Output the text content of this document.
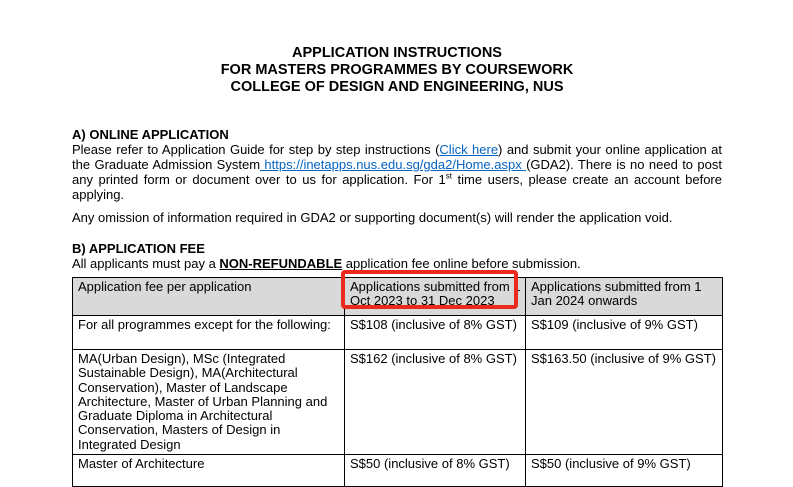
APPLICATION INSTRUCTIONS
FOR MASTERS PROGRAMMES BY COURSEWORK
COLLEGE OF DESIGN AND ENGINEERING, NUS
A) ONLINE APPLICATION

Please refer to Application Guide for step by step instructions (Click here) and submit your online application at the Graduate Admission System https://inetapps.nus.edu.sg/gda2/Home.aspx (GDA2). There is no need to post any printed form or document over to us for application. For 1st time users, please create an account before applying.

Any omission of information required in GDA2 or supporting document(s) will render the application void.

B) APPLICATION FEE

All applicants must pay a NON-REFUNDABLE application fee online before submission.

Application fee per application	Applications submitted from 1 Oct 2023 to 31 Dec 2023	Applications submitted from 1 Jan 2024 onwards
For all programmes except for the following:	S$108 (inclusive of 8% GST)	S$109 (inclusive of 9% GST)
MA(Urban Design), MSc (Integrated Sustainable Design), MA(Architectural Conservation), Master of Landscape Architecture, Master of Urban Planning and Graduate Diploma in Architectural Conservation, Masters of Design in Integrated Design	S$162 (inclusive of 8% GST)	S$163.50 (inclusive of 9% GST)
Master of Architecture	S$50 (inclusive of 8% GST)	S$50 (inclusive of 9% GST)
